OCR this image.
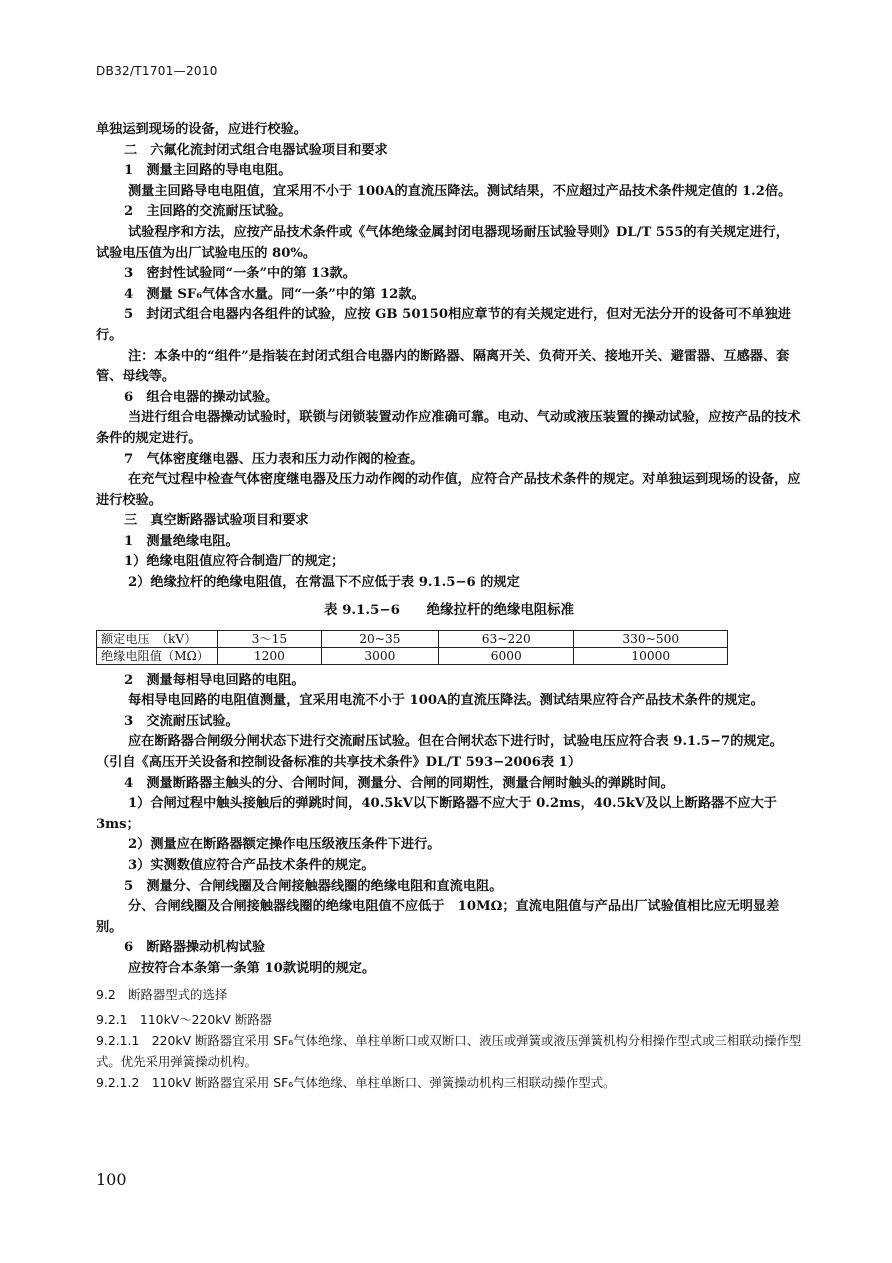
DB32/T1701—2010

单独运到现场的设备，应进行校验。

二　六氟化流封闭式组合电器试验项目和要求

1　测量主回路的导电电阻。

测量主回路导电电阻值，宜采用不小于 100A的直流压降法。测试结果，不应超过产品技术条件规定值的 1.2倍。

2　主回路的交流耐压试验。

试验程序和方法，应按产品技术条件或《气体绝缘金属封闭电器现场耐压试验导则》DL/T 555的有关规定进行，试验电压值为出厂试验电压的 80%。

3　密封性试验同“一条”中的第 13款。

4　测量 SF₆气体含水量。同“一条”中的第 12款。

5　封闭式组合电器内各组件的试验，应按 GB 50150相应章节的有关规定进行，但对无法分开的设备可不单独进行。

注：本条中的“组件”是指装在封闭式组合电器内的断路器、隔离开关、负荷开关、接地开关、避雷器、互感器、套管、母线等。

6　组合电器的操动试验。

当进行组合电器操动试验时，联锁与闭锁装置动作应准确可靠。电动、气动或液压装置的操动试验，应按产品的技术条件的规定进行。

7　气体密度继电器、压力表和压力动作阀的检查。

在充气过程中检查气体密度继电器及压力动作阀的动作值，应符合产品技术条件的规定。对单独运到现场的设备，应进行校验。

三　真空断路器试验项目和要求

1　测量绝缘电阻。

1）绝缘电阻值应符合制造厂的规定；

2）绝缘拉杆的绝缘电阻值，在常温下不应低于表 9.1.5−6 的规定

表 9.1.5−6　　绝缘拉杆的绝缘电阻标准
额定电压　（kV）	3～15	20~35	63~220	330~500
绝缘电阻值（MΩ）	1200	3000	6000	10000

2　测量每相导电回路的电阻。

每相导电回路的电阻值测量，宜采用电流不小于 100A的直流压降法。测试结果应符合产品技术条件的规定。

3　交流耐压试验。

应在断路器合闸级分闸状态下进行交流耐压试验。但在合闸状态下进行时，试验电压应符合表 9.1.5−7的规定。（引自《高压开关设备和控制设备标准的共享技术条件》DL/T 593−2006表 1）

4　测量断路器主触头的分、合闸时间，测量分、合闸的同期性，测量合闸时触头的弹跳时间。

1）合闸过程中触头接触后的弹跳时间，40.5kV以下断路器不应大于 0.2ms，40.5kV及以上断路器不应大于 3ms；

2）测量应在断路器额定操作电压级液压条件下进行。

3）实测数值应符合产品技术条件的规定。

5　测量分、合闸线圈及合闸接触器线圈的绝缘电阻和直流电阻。

分、合闸线圈及合闸接触器线圈的绝缘电阻值不应低于　10MΩ；直流电阻值与产品出厂试验值相比应无明显差别。

6　断路器操动机构试验

应按符合本条第一条第 10款说明的规定。

9.2　断路器型式的选择

9.2.1　110kV～220kV 断路器

9.2.1.1　220kV 断路器宜采用 SF₆气体绝缘、单柱单断口或双断口、液压或弹簧或液压弹簧机构分相操作型式或三相联动操作型式。优先采用弹簧操动机构。

9.2.1.2　110kV 断路器宜采用 SF₆气体绝缘、单柱单断口、弹簧操动机构三相联动操作型式。

100
